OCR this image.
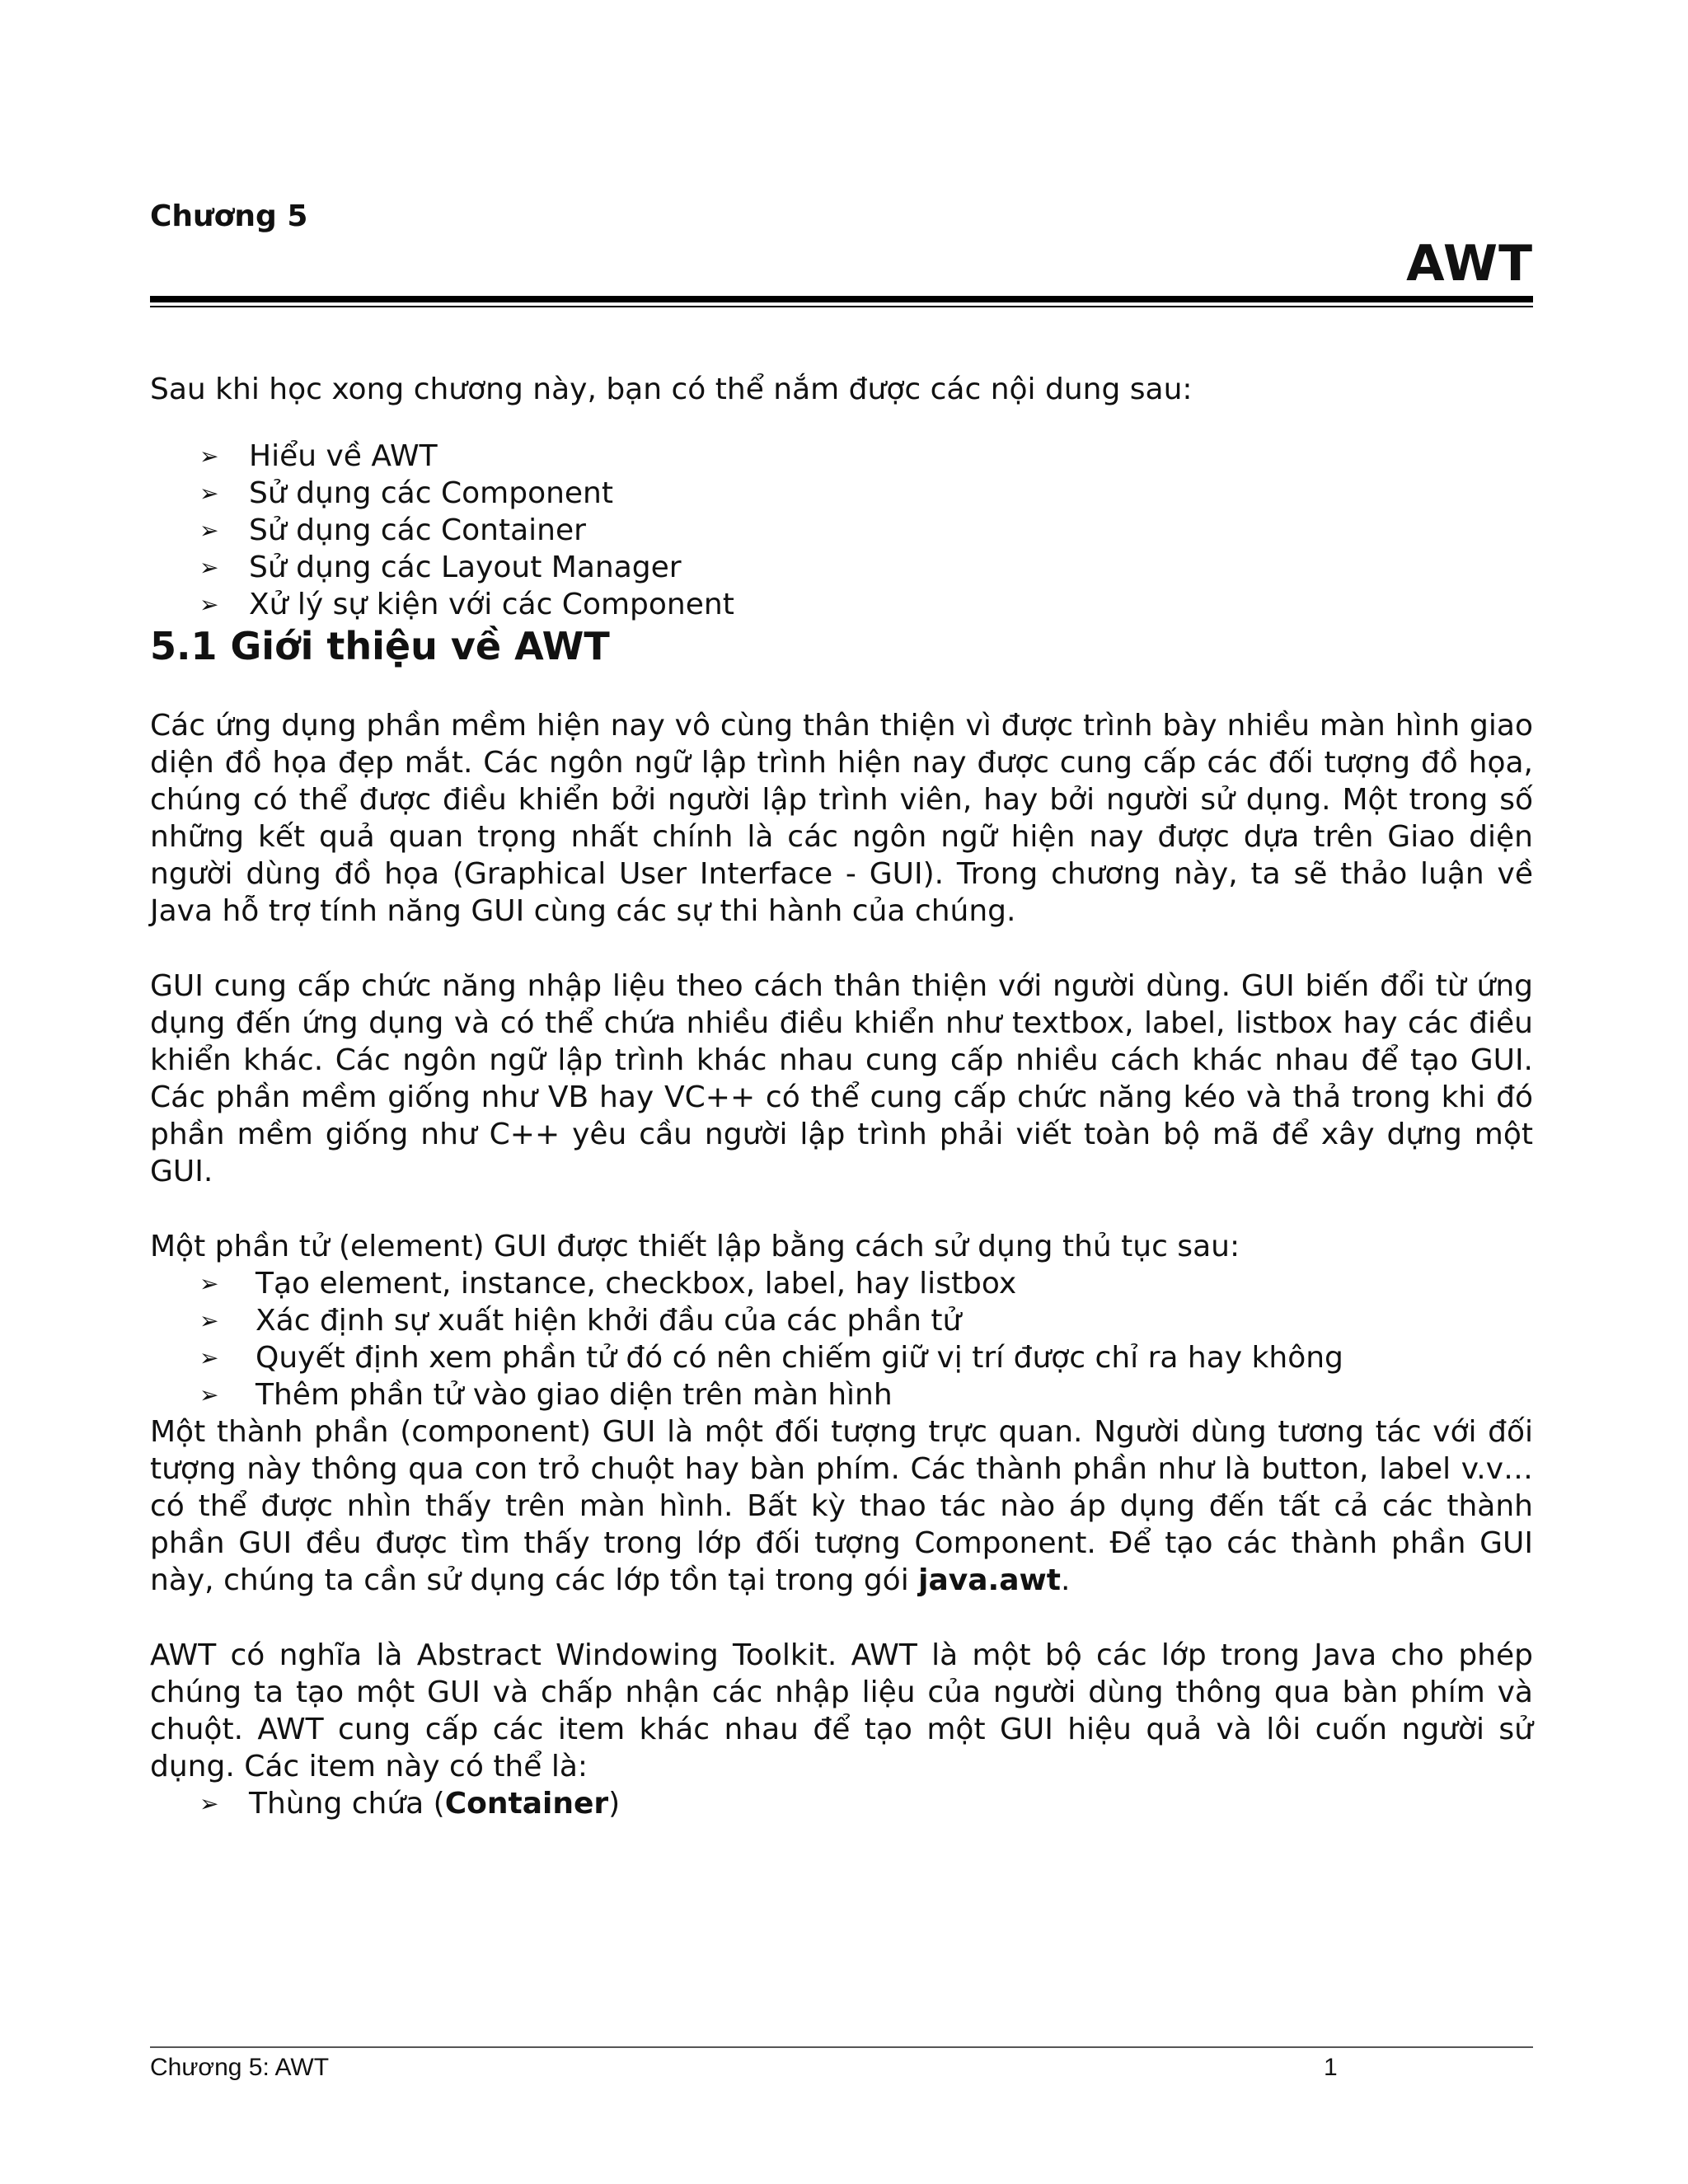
Chương 5

AWT

Sau khi học xong chương này, bạn có thể nắm được các nội dung sau:

➢ Hiểu về AWT
➢ Sử dụng các Component
➢ Sử dụng các Container
➢ Sử dụng các Layout Manager
➢ Xử lý sự kiện với các Component
5.1 Giới thiệu về AWT

Các ứng dụng phần mềm hiện nay vô cùng thân thiện vì được trình bày nhiều màn hình giao diện đồ họa đẹp mắt. Các ngôn ngữ lập trình hiện nay được cung cấp các đối tượng đồ họa, chúng có thể được điều khiển bởi người lập trình viên, hay bởi người sử dụng. Một trong số những kết quả quan trọng nhất chính là các ngôn ngữ hiện nay được dựa trên Giao diện người dùng đồ họa (Graphical User Interface - GUI). Trong chương này, ta sẽ thảo luận về Java hỗ trợ tính năng GUI cùng các sự thi hành của chúng.

GUI cung cấp chức năng nhập liệu theo cách thân thiện với người dùng. GUI biến đổi từ ứng dụng đến ứng dụng và có thể chứa nhiều điều khiển như textbox, label, listbox hay các điều khiển khác. Các ngôn ngữ lập trình khác nhau cung cấp nhiều cách khác nhau để tạo GUI. Các phần mềm giống như VB hay VC++ có thể cung cấp chức năng kéo và thả trong khi đó phần mềm giống như C++ yêu cầu người lập trình phải viết toàn bộ mã để xây dựng một GUI.

Một phần tử (element) GUI được thiết lập bằng cách sử dụng thủ tục sau:

➢ Tạo element, instance, checkbox, label, hay listbox
➢ Xác định sự xuất hiện khởi đầu của các phần tử
➢ Quyết định xem phần tử đó có nên chiếm giữ vị trí được chỉ ra hay không
➢ Thêm phần tử vào giao diện trên màn hình

Một thành phần (component) GUI là một đối tượng trực quan. Người dùng tương tác với đối tượng này thông qua con trỏ chuột hay bàn phím. Các thành phần như là button, label v.v… có thể được nhìn thấy trên màn hình. Bất kỳ thao tác nào áp dụng đến tất cả các thành phần GUI đều được tìm thấy trong lớp đối tượng Component. Để tạo các thành phần GUI này, chúng ta cần sử dụng các lớp tồn tại trong gói java.awt.

AWT có nghĩa là Abstract Windowing Toolkit. AWT là một bộ các lớp trong Java cho phép chúng ta tạo một GUI và chấp nhận các nhập liệu của người dùng thông qua bàn phím và chuột. AWT cung cấp các item khác nhau để tạo một GUI hiệu quả và lôi cuốn người sử dụng. Các item này có thể là:

➢ Thùng chứa (Container)
Chương 5: AWT	1
